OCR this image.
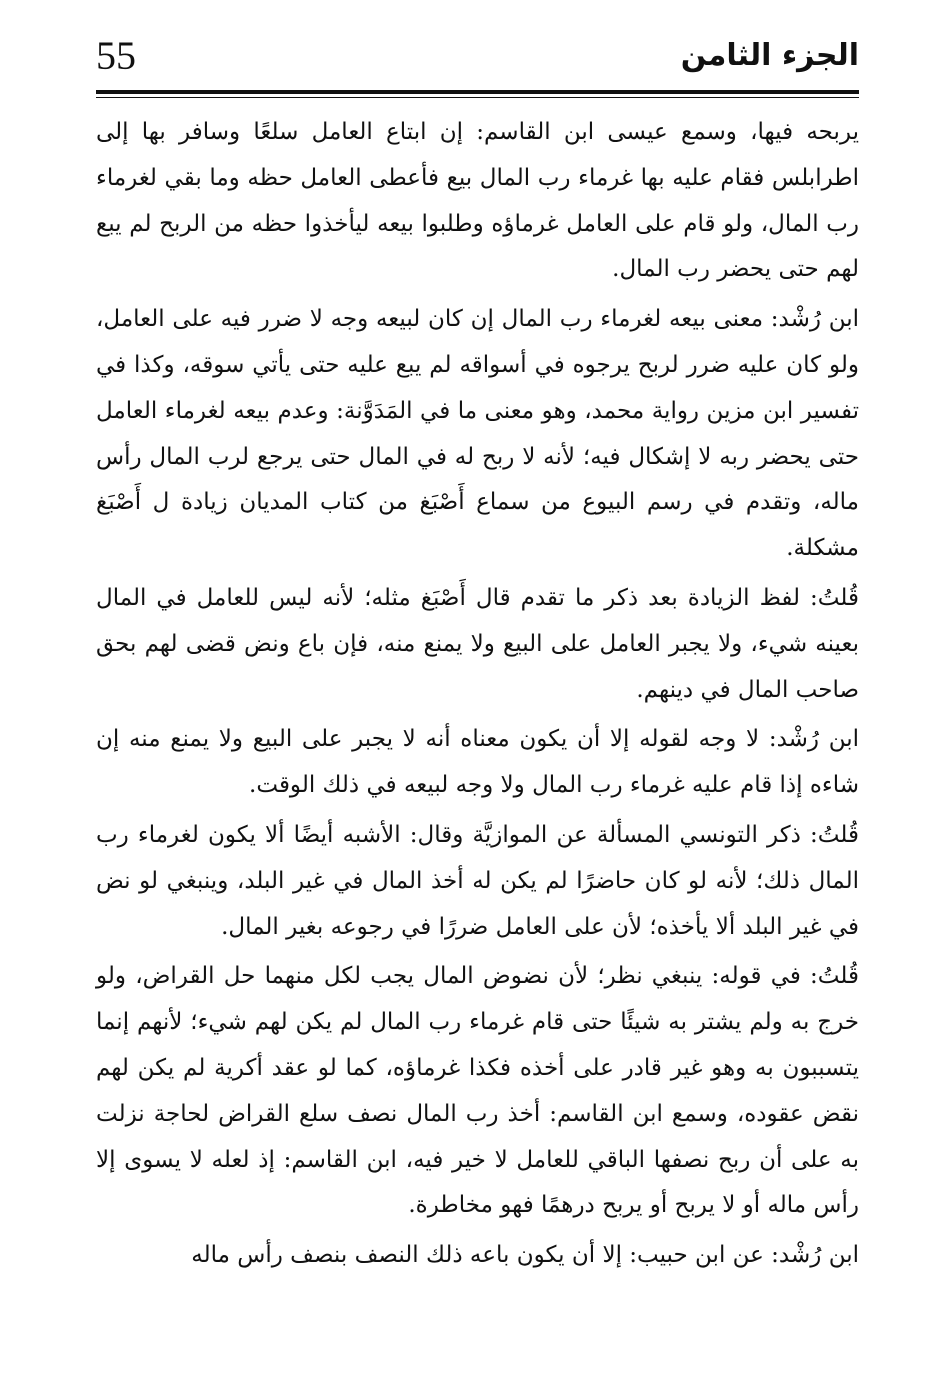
55	الجزء الثامن

يربحه فيها، وسمع عيسى ابن القاسم: إن ابتاع العامل سلعًا وسافر بها إلى اطرابلس فقام عليه بها غرماء رب المال بيع فأعطى العامل حظه وما بقي لغرماء رب المال، ولو قام على العامل غرماؤه وطلبوا بيعه ليأخذوا حظه من الربح لم يبع لهم حتى يحضر رب المال.

ابن رُشْد: معنى بيعه لغرماء رب المال إن كان لبيعه وجه لا ضرر فيه على العامل، ولو كان عليه ضرر لربح يرجوه في أسواقه لم يبع عليه حتى يأتي سوقه، وكذا في تفسير ابن مزين رواية محمد، وهو معنى ما في المَدَوَّنة: وعدم بيعه لغرماء العامل حتى يحضر ربه لا إشكال فيه؛ لأنه لا ربح له في المال حتى يرجع لرب المال رأس ماله، وتقدم في رسم البيوع من سماع أَصْبَغ من كتاب المديان زيادة ل أَصْبَغ مشكلة.

قُلتُ: لفظ الزيادة بعد ذكر ما تقدم قال أَصْبَغ مثله؛ لأنه ليس للعامل في المال بعينه شيء، ولا يجبر العامل على البيع ولا يمنع منه، فإن باع ونض قضى لهم بحق صاحب المال في دينهم.

ابن رُشْد: لا وجه لقوله إلا أن يكون معناه أنه لا يجبر على البيع ولا يمنع منه إن شاءه إذا قام عليه غرماء رب المال ولا وجه لبيعه في ذلك الوقت.

قُلتُ: ذكر التونسي المسألة عن الموازيَّة وقال: الأشبه أيضًا ألا يكون لغرماء رب المال ذلك؛ لأنه لو كان حاضرًا لم يكن له أخذ المال في غير البلد، وينبغي لو نض في غير البلد ألا يأخذه؛ لأن على العامل ضررًا في رجوعه بغير المال.

قُلتُ: في قوله: ينبغي نظر؛ لأن نضوض المال يجب لكل منهما حل القراض، ولو خرج به ولم يشتر به شيئًا حتى قام غرماء رب المال لم يكن لهم شيء؛ لأنهم إنما يتسببون به وهو غير قادر على أخذه فكذا غرماؤه، كما لو عقد أكرية لم يكن لهم نقض عقوده، وسمع ابن القاسم: أخذ رب المال نصف سلع القراض لحاجة نزلت به على أن ربح نصفها الباقي للعامل لا خير فيه، ابن القاسم: إذ لعله لا يسوى إلا رأس ماله أو لا يربح أو يربح درهمًا فهو مخاطرة.

ابن رُشْد: عن ابن حبيب: إلا أن يكون باعه ذلك النصف بنصف رأس ماله
